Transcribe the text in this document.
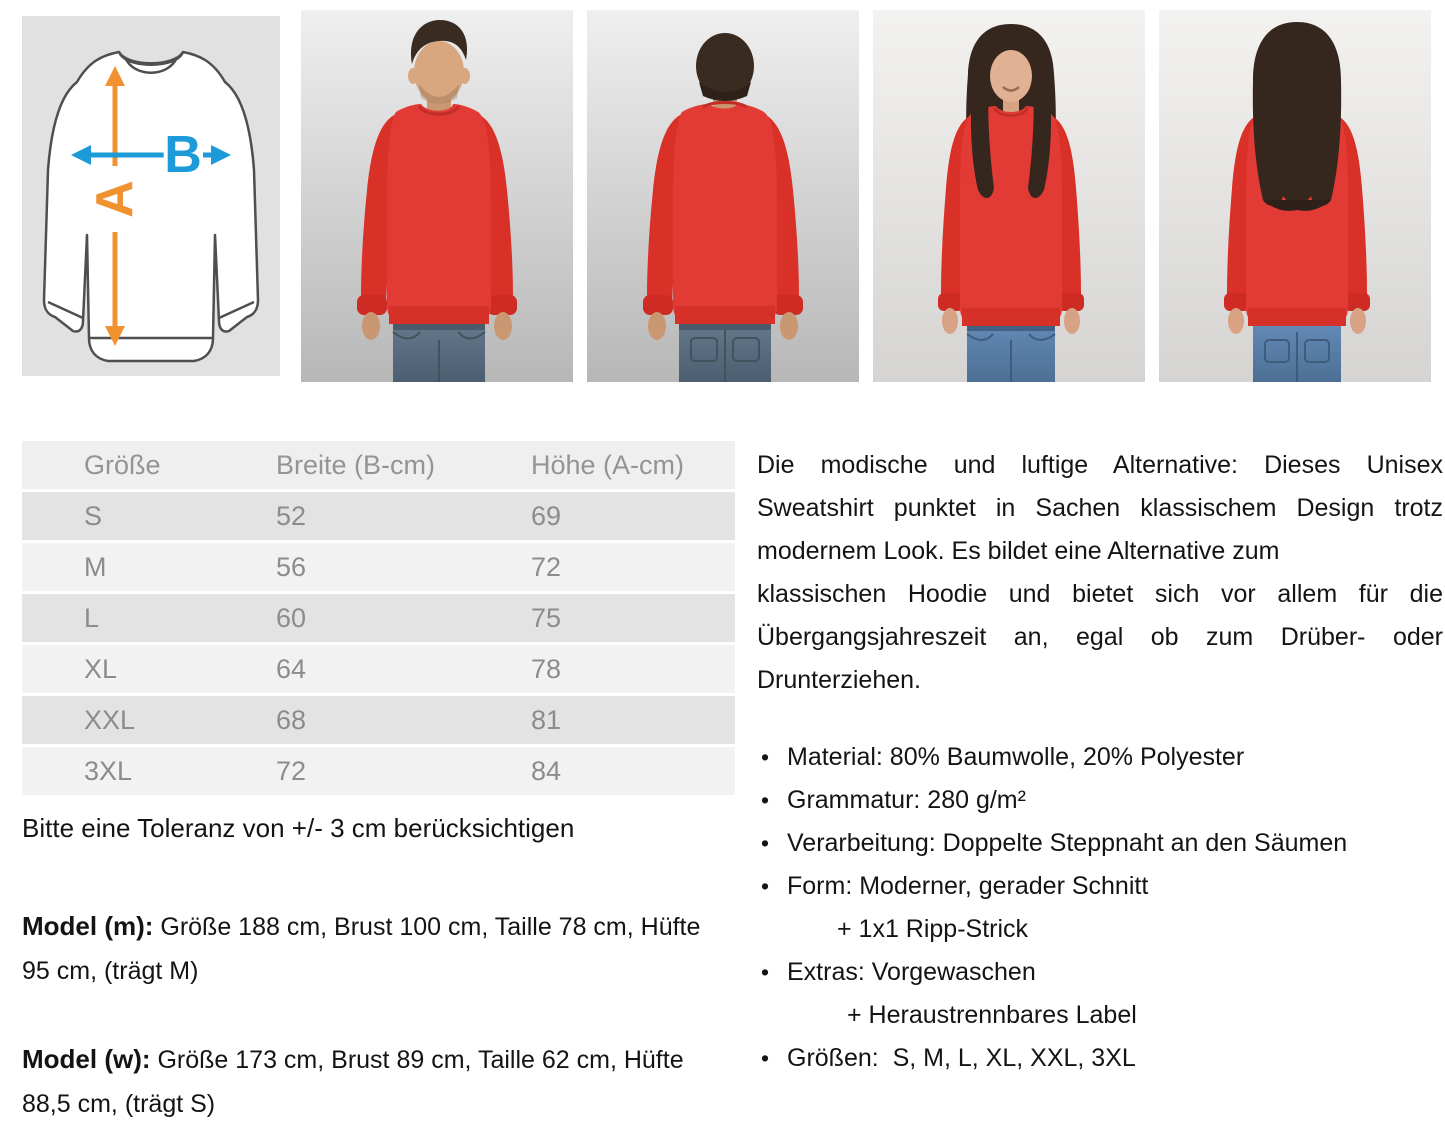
A
B
Größe	Breite (B-cm)	Höhe (A-cm)
S	52	69
M	56	72
L	60	75
XL	64	78
XXL	68	81
3XL	72	84

Bitte eine Toleranz von +/- 3 cm berücksichtigen

Model (m): Größe 188 cm, Brust 100 cm, Taille 78 cm, Hüfte 95 cm, (trägt M)

Model (w): Größe 173 cm, Brust 89 cm, Taille 62 cm, Hüfte 88,5 cm, (trägt S)

Die modische und luftige Alternative: Dieses Unisex Sweatshirt punktet in Sachen klassischem Design trotz modernem Look. Es bildet eine Alternative zum
klassischen Hoodie und bietet sich vor allem für die Übergangsjahreszeit an, egal ob zum Drüber- oder Drunterziehen.
• Material: 80% Baumwolle, 20% Polyester
• Grammatur: 280 g/m²
• Verarbeitung: Doppelte Steppnaht an den Säumen
• Form: Moderner, gerader Schnitt
+ 1x1 Ripp-Strick
• Extras: Vorgewaschen
+ Heraustrennbares Label
• Größen:  S, M, L, XL, XXL, 3XL
